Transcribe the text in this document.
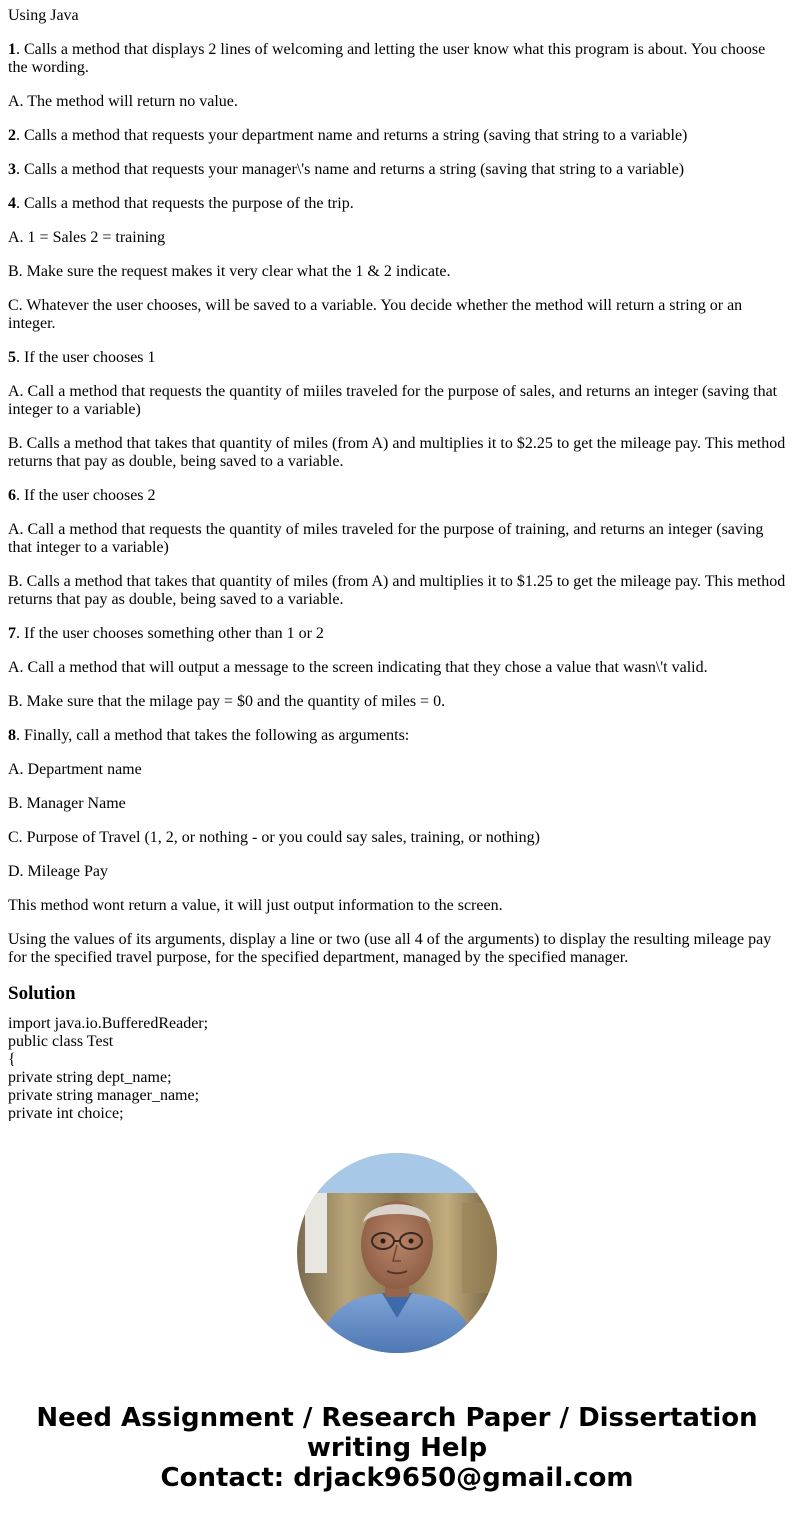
Using Java

1. Calls a method that displays 2 lines of welcoming and letting the user know what this program is about. You choose the wording.

A. The method will return no value.

2. Calls a method that requests your department name and returns a string (saving that string to a variable)

3. Calls a method that requests your manager\'s name and returns a string (saving that string to a variable)

4. Calls a method that requests the purpose of the trip.

A. 1 = Sales 2 = training

B. Make sure the request makes it very clear what the 1 & 2 indicate.

C. Whatever the user chooses, will be saved to a variable. You decide whether the method will return a string or an integer.

5. If the user chooses 1

A. Call a method that requests the quantity of miiles traveled for the purpose of sales, and returns an integer (saving that integer to a variable)

B. Calls a method that takes that quantity of miles (from A) and multiplies it to $2.25 to get the mileage pay. This method returns that pay as double, being saved to a variable.

6. If the user chooses 2

A. Call a method that requests the quantity of miles traveled for the purpose of training, and returns an integer (saving that integer to a variable)

B. Calls a method that takes that quantity of miles (from A) and multiplies it to $1.25 to get the mileage pay. This method returns that pay as double, being saved to a variable.

7. If the user chooses something other than 1 or 2

A. Call a method that will output a message to the screen indicating that they chose a value that wasn\'t valid.

B. Make sure that the milage pay = $0 and the quantity of miles = 0.

8. Finally, call a method that takes the following as arguments:

A. Department name

B. Manager Name

C. Purpose of Travel (1, 2, or nothing - or you could say sales, training, or nothing)

D. Mileage Pay

This method wont return a value, it will just output information to the screen.

Using the values of its arguments, display a line or two (use all 4 of the arguments) to display the resulting mileage pay for the specified travel purpose, for the specified department, managed by the specified manager.

Solution
import java.io.BufferedReader;
public class Test
{
private string dept_name;
private string manager_name;
private int choice;
Need Assignment / Research Paper / Dissertation
writing Help
Contact: drjack9650@gmail.com
